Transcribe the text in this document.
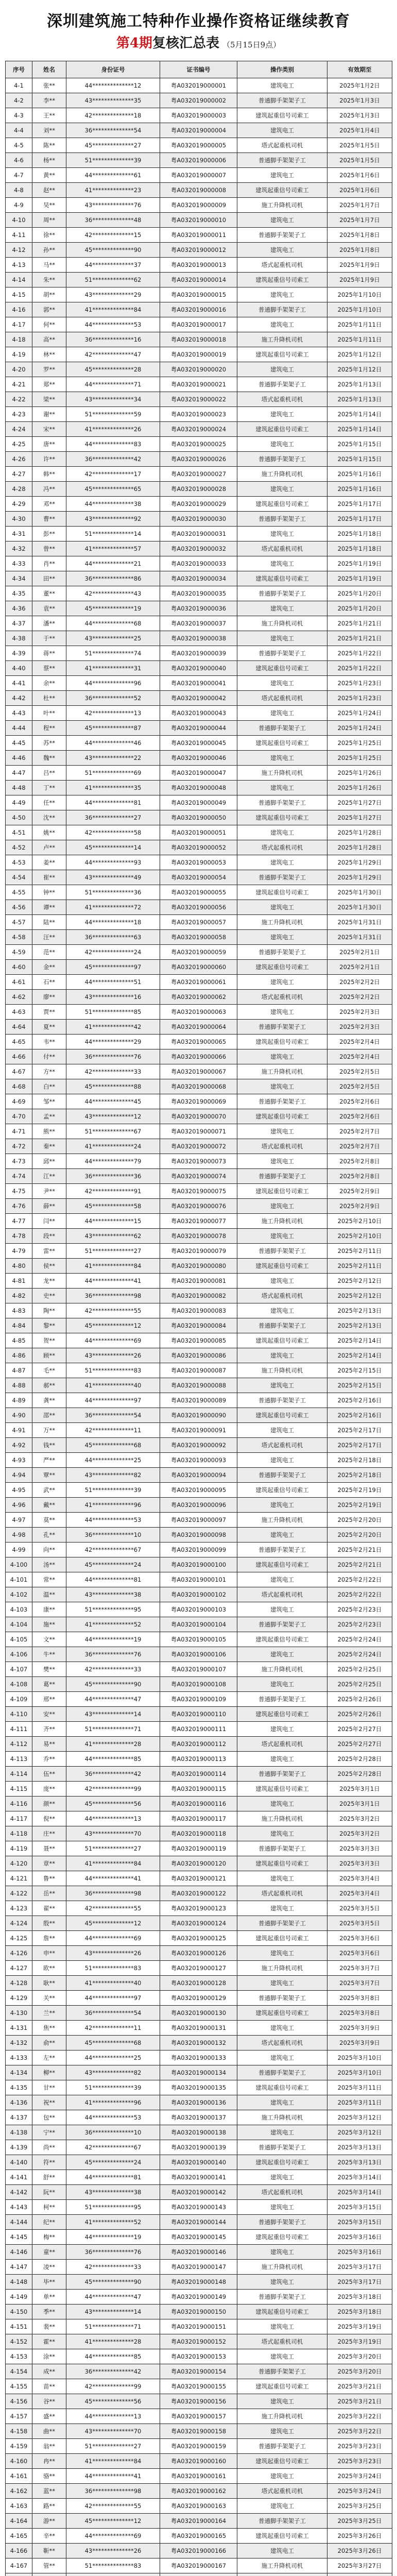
深圳建筑施工特种作业操作资格证继续教育

第4期复核汇总表 （5月15日9点）

序号	姓名	身份证号	证书编号	操作类别	有效期至
4-1	张**	44**************12	粤A032019000001	建筑电工	2025年1月2日
4-2	李**	43**************35	粤A032019000002	普通脚手架架子工	2025年1月3日
4-3	王**	42**************18	粤A032019000003	建筑起重信号司索工	2025年1月3日
4-4	刘**	36**************54	粤A032019000004	建筑电工	2025年1月4日
4-5	陈**	45**************27	粤A032019000005	塔式起重机司机	2025年1月5日
4-6	杨**	51**************39	粤A032019000006	普通脚手架架子工	2025年1月5日
4-7	黄**	44**************61	粤A032019000007	建筑电工	2025年1月6日
4-8	赵**	41**************23	粤A032019000008	建筑起重信号司索工	2025年1月6日
4-9	吴**	43**************76	粤A032019000009	施工升降机司机	2025年1月7日
4-10	周**	36**************48	粤A032019000010	建筑电工	2025年1月7日
4-11	徐**	42**************15	粤A032019000011	普通脚手架架子工	2025年1月8日
4-12	孙**	45**************90	粤A032019000012	建筑电工	2025年1月8日
4-13	马**	44**************37	粤A032019000013	塔式起重机司机	2025年1月9日
4-14	朱**	51**************62	粤A032019000014	建筑起重信号司索工	2025年1月9日
4-15	胡**	43**************29	粤A032019000015	建筑电工	2025年1月10日
4-16	郭**	41**************84	粤A032019000016	普通脚手架架子工	2025年1月10日
4-17	何**	44**************53	粤A032019000017	建筑电工	2025年1月11日
4-18	高**	36**************16	粤A032019000018	施工升降机司机	2025年1月11日
4-19	林**	42**************47	粤A032019000019	建筑起重信号司索工	2025年1月12日
4-20	罗**	45**************28	粤A032019000020	建筑电工	2025年1月12日
4-21	郑**	44**************71	粤A032019000021	普通脚手架架子工	2025年1月13日
4-22	梁**	43**************34	粤A032019000022	塔式起重机司机	2025年1月13日
4-23	谢**	51**************59	粤A032019000023	建筑电工	2025年1月14日
4-24	宋**	41**************26	粤A032019000024	建筑起重信号司索工	2025年1月14日
4-25	唐**	44**************83	粤A032019000025	建筑电工	2025年1月15日
4-26	许**	36**************42	粤A032019000026	普通脚手架架子工	2025年1月15日
4-27	韩**	42**************17	粤A032019000027	施工升降机司机	2025年1月16日
4-28	冯**	45**************65	粤A032019000028	建筑电工	2025年1月16日
4-29	邓**	44**************38	粤A032019000029	建筑起重信号司索工	2025年1月17日
4-30	曹**	43**************92	粤A032019000030	普通脚手架架子工	2025年1月17日
4-31	彭**	51**************14	粤A032019000031	建筑电工	2025年1月18日
4-32	曾**	41**************57	粤A032019000032	塔式起重机司机	2025年1月18日
4-33	肖**	44**************21	粤A032019000033	建筑电工	2025年1月19日
4-34	田**	36**************86	粤A032019000034	建筑起重信号司索工	2025年1月19日
4-35	董**	42**************43	粤A032019000035	普通脚手架架子工	2025年1月20日
4-36	袁**	45**************19	粤A032019000036	建筑电工	2025年1月20日
4-37	潘**	44**************68	粤A032019000037	施工升降机司机	2025年1月21日
4-38	于**	43**************25	粤A032019000038	建筑电工	2025年1月21日
4-39	蒋**	51**************74	粤A032019000039	普通脚手架架子工	2025年1月22日
4-40	蔡**	41**************31	粤A032019000040	建筑起重信号司索工	2025年1月22日
4-41	余**	44**************96	粤A032019000041	建筑电工	2025年1月23日
4-42	杜**	36**************52	粤A032019000042	塔式起重机司机	2025年1月23日
4-43	叶**	42**************13	粤A032019000043	建筑电工	2025年1月24日
4-44	程**	45**************87	粤A032019000044	普通脚手架架子工	2025年1月24日
4-45	苏**	44**************46	粤A032019000045	建筑起重信号司索工	2025年1月25日
4-46	魏**	43**************22	粤A032019000046	建筑电工	2025年1月25日
4-47	吕**	51**************69	粤A032019000047	施工升降机司机	2025年1月26日
4-48	丁**	41**************35	粤A032019000048	建筑电工	2025年1月26日
4-49	任**	44**************81	粤A032019000049	普通脚手架架子工	2025年1月27日
4-50	沈**	36**************27	粤A032019000050	建筑起重信号司索工	2025年1月27日
4-51	姚**	42**************58	粤A032019000051	建筑电工	2025年1月28日
4-52	卢**	45**************14	粤A032019000052	塔式起重机司机	2025年1月28日
4-53	姜**	44**************93	粤A032019000053	建筑电工	2025年1月29日
4-54	崔**	43**************49	粤A032019000054	普通脚手架架子工	2025年1月29日
4-55	钟**	51**************36	粤A032019000055	建筑起重信号司索工	2025年1月30日
4-56	谭**	41**************72	粤A032019000056	建筑电工	2025年1月30日
4-57	陆**	44**************18	粤A032019000057	施工升降机司机	2025年1月31日
4-58	汪**	36**************63	粤A032019000058	建筑电工	2025年1月31日
4-59	范**	42**************24	粤A032019000059	普通脚手架架子工	2025年2月1日
4-60	金**	45**************97	粤A032019000060	建筑起重信号司索工	2025年2月1日
4-61	石**	44**************51	粤A032019000061	建筑电工	2025年2月2日
4-62	廖**	43**************16	粤A032019000062	塔式起重机司机	2025年2月2日
4-63	贾**	51**************85	粤A032019000063	建筑电工	2025年2月3日
4-64	夏**	41**************42	粤A032019000064	普通脚手架架子工	2025年2月3日
4-65	韦**	44**************29	粤A032019000065	建筑起重信号司索工	2025年2月4日
4-66	付**	36**************76	粤A032019000066	建筑电工	2025年2月4日
4-67	方**	42**************33	粤A032019000067	施工升降机司机	2025年2月5日
4-68	白**	45**************88	粤A032019000068	建筑电工	2025年2月5日
4-69	邹**	44**************45	粤A032019000069	普通脚手架架子工	2025年2月6日
4-70	孟**	43**************12	粤A032019000070	建筑起重信号司索工	2025年2月6日
4-71	熊**	51**************67	粤A032019000071	建筑电工	2025年2月7日
4-72	秦**	41**************24	粤A032019000072	塔式起重机司机	2025年2月7日
4-73	邱**	44**************79	粤A032019000073	建筑电工	2025年2月8日
4-74	江**	36**************36	粤A032019000074	普通脚手架架子工	2025年2月8日
4-75	尹**	42**************91	粤A032019000075	建筑起重信号司索工	2025年2月9日
4-76	薛**	45**************58	粤A032019000076	建筑电工	2025年2月9日
4-77	闫**	44**************15	粤A032019000077	施工升降机司机	2025年2月10日
4-78	段**	43**************62	粤A032019000078	建筑电工	2025年2月10日
4-79	雷**	51**************27	粤A032019000079	普通脚手架架子工	2025年2月11日
4-80	侯**	41**************84	粤A032019000080	建筑起重信号司索工	2025年2月11日
4-81	龙**	44**************41	粤A032019000081	建筑电工	2025年2月12日
4-82	史**	36**************98	粤A032019000082	塔式起重机司机	2025年2月12日
4-83	陶**	42**************55	粤A032019000083	建筑电工	2025年2月13日
4-84	黎**	45**************12	粤A032019000084	普通脚手架架子工	2025年2月13日
4-85	贺**	44**************69	粤A032019000085	建筑起重信号司索工	2025年2月14日
4-86	顾**	43**************26	粤A032019000086	建筑电工	2025年2月14日
4-87	毛**	51**************83	粤A032019000087	施工升降机司机	2025年2月15日
4-88	郝**	41**************40	粤A032019000088	建筑电工	2025年2月15日
4-89	龚**	44**************97	粤A032019000089	普通脚手架架子工	2025年2月16日
4-90	邵**	36**************54	粤A032019000090	建筑起重信号司索工	2025年2月16日
4-91	万**	42**************11	粤A032019000091	建筑电工	2025年2月17日
4-92	钱**	45**************68	粤A032019000092	塔式起重机司机	2025年2月17日
4-93	严**	44**************25	粤A032019000093	建筑电工	2025年2月18日
4-94	覃**	43**************82	粤A032019000094	普通脚手架架子工	2025年2月18日
4-95	武**	51**************39	粤A032019000095	建筑起重信号司索工	2025年2月19日
4-96	戴**	41**************96	粤A032019000096	建筑电工	2025年2月19日
4-97	莫**	44**************53	粤A032019000097	施工升降机司机	2025年2月20日
4-98	孔**	36**************10	粤A032019000098	建筑电工	2025年2月20日
4-99	向**	42**************67	粤A032019000099	普通脚手架架子工	2025年2月21日
4-100	汤**	45**************24	粤A032019000100	建筑起重信号司索工	2025年2月21日
4-101	常**	44**************81	粤A032019000101	建筑电工	2025年2月22日
4-102	温**	43**************38	粤A032019000102	塔式起重机司机	2025年2月22日
4-103	康**	51**************95	粤A032019000103	建筑电工	2025年2月23日
4-104	施**	41**************52	粤A032019000104	普通脚手架架子工	2025年2月23日
4-105	文**	44**************19	粤A032019000105	建筑起重信号司索工	2025年2月24日
4-106	牛**	36**************76	粤A032019000106	建筑电工	2025年2月24日
4-107	樊**	42**************33	粤A032019000107	施工升降机司机	2025年2月25日
4-108	葛**	45**************90	粤A032019000108	建筑电工	2025年2月25日
4-109	邢**	44**************47	粤A032019000109	普通脚手架架子工	2025年2月26日
4-110	安**	43**************14	粤A032019000110	建筑起重信号司索工	2025年2月26日
4-111	齐**	51**************71	粤A032019000111	建筑电工	2025年2月27日
4-112	易**	41**************28	粤A032019000112	塔式起重机司机	2025年2月27日
4-113	乔**	44**************85	粤A032019000113	建筑电工	2025年2月28日
4-114	伍**	36**************42	粤A032019000114	普通脚手架架子工	2025年2月28日
4-115	庞**	42**************99	粤A032019000115	建筑起重信号司索工	2025年3月1日
4-116	颜**	45**************56	粤A032019000116	建筑电工	2025年3月1日
4-117	倪**	44**************13	粤A032019000117	施工升降机司机	2025年3月2日
4-118	庄**	43**************70	粤A032019000118	建筑电工	2025年3月2日
4-119	聂**	51**************27	粤A032019000119	普通脚手架架子工	2025年3月3日
4-120	章**	41**************84	粤A032019000120	建筑起重信号司索工	2025年3月3日
4-121	鲁**	44**************41	粤A032019000121	建筑电工	2025年3月4日
4-122	岳**	36**************98	粤A032019000122	塔式起重机司机	2025年3月4日
4-123	翟**	42**************55	粤A032019000123	建筑电工	2025年3月5日
4-124	殷**	45**************12	粤A032019000124	普通脚手架架子工	2025年3月5日
4-125	詹**	44**************69	粤A032019000125	建筑起重信号司索工	2025年3月6日
4-126	申**	43**************26	粤A032019000126	建筑电工	2025年3月6日
4-127	欧**	51**************83	粤A032019000127	施工升降机司机	2025年3月7日
4-128	耿**	41**************40	粤A032019000128	建筑电工	2025年3月7日
4-129	关**	44**************97	粤A032019000129	普通脚手架架子工	2025年3月8日
4-130	兰**	36**************54	粤A032019000130	建筑起重信号司索工	2025年3月8日
4-131	焦**	42**************11	粤A032019000131	建筑电工	2025年3月9日
4-132	俞**	45**************68	粤A032019000132	塔式起重机司机	2025年3月9日
4-133	左**	44**************25	粤A032019000133	建筑电工	2025年3月10日
4-134	柳**	43**************82	粤A032019000134	普通脚手架架子工	2025年3月10日
4-135	甘**	51**************39	粤A032019000135	建筑起重信号司索工	2025年3月11日
4-136	祝**	41**************96	粤A032019000136	建筑电工	2025年3月11日
4-137	包**	44**************53	粤A032019000137	施工升降机司机	2025年3月12日
4-138	宁**	36**************10	粤A032019000138	建筑电工	2025年3月12日
4-139	尚**	42**************67	粤A032019000139	普通脚手架架子工	2025年3月13日
4-140	符**	45**************24	粤A032019000140	建筑起重信号司索工	2025年3月13日
4-141	舒**	44**************81	粤A032019000141	建筑电工	2025年3月14日
4-142	阮**	43**************38	粤A032019000142	塔式起重机司机	2025年3月14日
4-143	柯**	51**************95	粤A032019000143	建筑电工	2025年3月15日
4-144	纪**	41**************52	粤A032019000144	普通脚手架架子工	2025年3月15日
4-145	梅**	44**************19	粤A032019000145	建筑起重信号司索工	2025年3月16日
4-146	童**	36**************76	粤A032019000146	建筑电工	2025年3月16日
4-147	凌**	42**************33	粤A032019000147	施工升降机司机	2025年3月17日
4-148	毕**	45**************90	粤A032019000148	建筑电工	2025年3月17日
4-149	单**	44**************47	粤A032019000149	普通脚手架架子工	2025年3月18日
4-150	季**	43**************14	粤A032019000150	建筑起重信号司索工	2025年3月18日
4-151	裴**	51**************71	粤A032019000151	建筑电工	2025年3月19日
4-152	霍**	41**************28	粤A032019000152	塔式起重机司机	2025年3月19日
4-153	涂**	44**************85	粤A032019000153	建筑电工	2025年3月20日
4-154	成**	36**************42	粤A032019000154	普通脚手架架子工	2025年3月20日
4-155	苗**	42**************99	粤A032019000155	建筑起重信号司索工	2025年3月21日
4-156	谷**	45**************56	粤A032019000156	建筑电工	2025年3月21日
4-157	盛**	44**************13	粤A032019000157	施工升降机司机	2025年3月22日
4-158	曲**	43**************70	粤A032019000158	建筑电工	2025年3月22日
4-159	翁**	51**************27	粤A032019000159	普通脚手架架子工	2025年3月23日
4-160	冉**	41**************84	粤A032019000160	建筑起重信号司索工	2025年3月23日
4-161	骆**	44**************41	粤A032019000161	建筑电工	2025年3月24日
4-162	蓝**	36**************98	粤A032019000162	塔式起重机司机	2025年3月24日
4-163	路**	42**************55	粤A032019000163	建筑电工	2025年3月25日
4-164	游**	45**************12	粤A032019000164	普通脚手架架子工	2025年3月25日
4-165	辛**	44**************69	粤A032019000165	建筑起重信号司索工	2025年3月26日
4-166	靳**	43**************26	粤A032019000166	建筑电工	2025年3月26日
4-167	管**	51**************83	粤A032019000167	施工升降机司机	2025年3月27日
